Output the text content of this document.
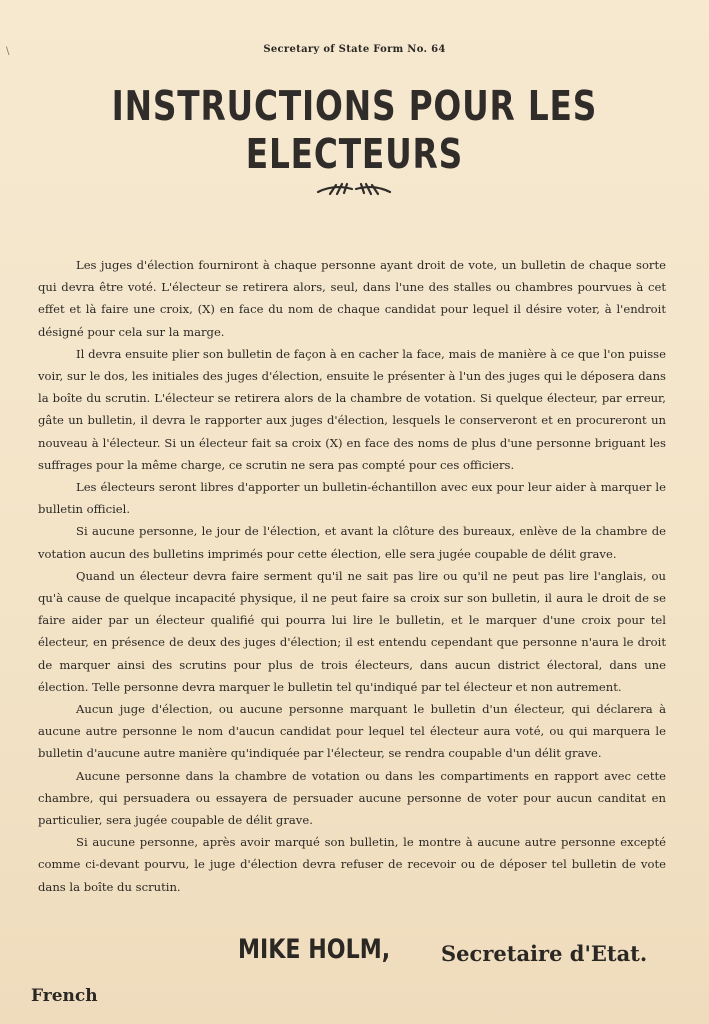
\	Secretary of State Form No. 64
INSTRUCTIONS POUR LES ELECTEURS

Les juges d'élection fourniront à chaque personne ayant droit de vote, un bulletin de chaque sorte qui devra être voté. L'électeur se retirera alors, seul, dans l'une des stalles ou chambres pourvues à cet effet et là faire une croix, (X) en face du nom de chaque candidat pour lequel il désire voter, à l'endroit désigné pour cela sur la marge.

Il devra ensuite plier son bulletin de façon à en cacher la face, mais de manière à ce que l'on puisse voir, sur le dos, les initiales des juges d'élection, ensuite le présenter à l'un des juges qui le déposera dans la boîte du scrutin. L'électeur se retirera alors de la chambre de votation. Si quelque électeur, par erreur, gâte un bulletin, il devra le rapporter aux juges d'élection, lesquels le conserveront et en procureront un nouveau à l'électeur. Si un électeur fait sa croix (X) en face des noms de plus d'une personne briguant les suffrages pour la même charge, ce scrutin ne sera pas compté pour ces officiers.

Les électeurs seront libres d'apporter un bulletin-échantillon avec eux pour leur aider à marquer le bulletin officiel.

Si aucune personne, le jour de l'élection, et avant la clôture des bureaux, enlève de la chambre de votation aucun des bulletins imprimés pour cette élection, elle sera jugée coupable de délit grave.

Quand un électeur devra faire serment qu'il ne sait pas lire ou qu'il ne peut pas lire l'anglais, ou qu'à cause de quelque incapacité physique, il ne peut faire sa croix sur son bulletin, il aura le droit de se faire aider par un électeur qualifié qui pourra lui lire le bulletin, et le marquer d'une croix pour tel électeur, en présence de deux des juges d'élection; il est entendu cependant que personne n'aura le droit de marquer ainsi des scrutins pour plus de trois électeurs, dans aucun district électoral, dans une élection. Telle personne devra marquer le bulletin tel qu'indiqué par tel électeur et non autrement.

Aucun juge d'élection, ou aucune personne marquant le bulletin d'un électeur, qui déclarera à aucune autre personne le nom d'aucun candidat pour lequel tel électeur aura voté, ou qui marquera le bulletin d'aucune autre manière qu'indiquée par l'électeur, se rendra coupable d'un délit grave.

Aucune personne dans la chambre de votation ou dans les compartiments en rapport avec cette chambre, qui persuadera ou essayera de persuader aucune personne de voter pour aucun canditat en particulier, sera jugée coupable de délit grave.

Si aucune personne, après avoir marqué son bulletin, le montre à aucune autre personne excepté comme ci-devant pourvu, le juge d'élection devra refuser de recevoir ou de déposer tel bulletin de vote dans la boîte du scrutin.

MIKE HOLM, Secretaire d'Etat.
French
